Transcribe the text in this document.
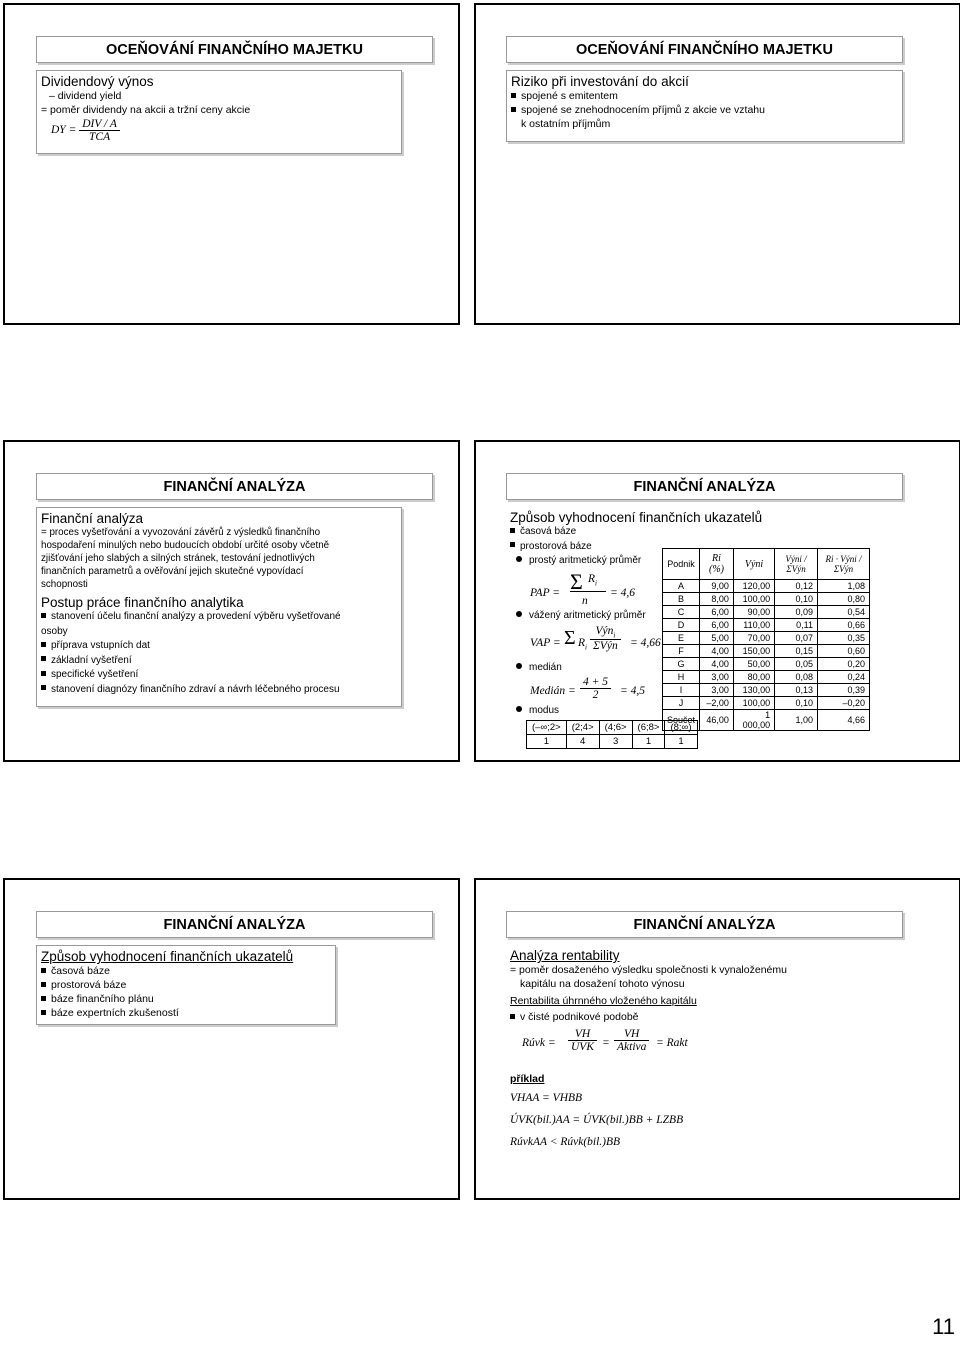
OCEŇOVÁNÍ FINANČNÍHO MAJETKU
Dividendový výnos
– dividend yield
= poměr dividendy na akcii a tržní ceny akcie
DY = $\frac{\text{DIV / A}}{\text{TCA}}$
OCEŇOVÁNÍ FINANČNÍHO MAJETKU
Riziko při investování do akcií
spojené s emitentem
spojené se znehodnocením příjmů z akcie ve vztahu
k ostatním příjmům
FINANČNÍ ANALÝZA
Finanční analýza
= proces vyšetřování a vyvozování závěrů z výsledků finančního
hospodaření minulých nebo budoucích období určité osoby včetně
zjišťování jeho slabých a silných stránek, testování jednotlivých
finančních parametrů a ověřování jejich skutečné vypovídací
schopnosti
Postup práce finančního analytika
stanovení účelu finanční analýzy a provedení výběru vyšetřované
osoby
příprava vstupních dat
základní vyšetření
specifické vyšetření
stanovení diagnózy finančního zdraví a návrh léčebného procesu
FINANČNÍ ANALÝZA
Způsob vyhodnocení finančních ukazatelů
časová báze
prostorová báze
prostý aritmetický průměr
PAP = Σ $R_i$
n
= 4,6
vážený aritmetický průměr
VAP = Σ $R_i$
Výn$_i$
ΣVýn = 4,66
medián
Medián = $\frac{4 + 5}{2} = 4,5$
modus
(–∞;2>	(2;4>	(4;6>	(6;8>	(8;∞)
1	4	3	1	1
Podnik	Ri (%)	Výni	Výni / ΣVýn	Ri · Výni / ΣVýn
A	9,00	120,00	0,12	1,08
B	8,00	100,00	0,10	0,80
C	6,00	90,00	0,09	0,54
D	6,00	110,00	0,11	0,66
E	5,00	70,00	0,07	0,35
F	4,00	150,00	0,15	0,60
G	4,00	50,00	0,05	0,20
H	3,00	80,00	0,08	0,24
I	3,00	130,00	0,13	0,39
J	–2,00	100,00	0,10	–0,20
Součet	46,00	1 000,00	1,00	4,66
FINANČNÍ ANALÝZA
Způsob vyhodnocení finančních ukazatelů
časová báze
prostorová báze
báze finančního plánu
báze expertních zkušeností
FINANČNÍ ANALÝZA
Analýza rentability
= poměr dosaženého výsledku společnosti k vynaloženému
kapitálu na dosažení tohoto výnosu
Rentabilita úhrnného vloženého kapitálu
v čisté podnikové podobě
Rúvk =
VH
ÚVK =
VH
Aktiva = Rakt
příklad
VHAA = VHBB
ÚVK(bil.)AA = ÚVK(bil.)BB + LZBB
RúvkAA < Rúvk(bil.)BB
11
